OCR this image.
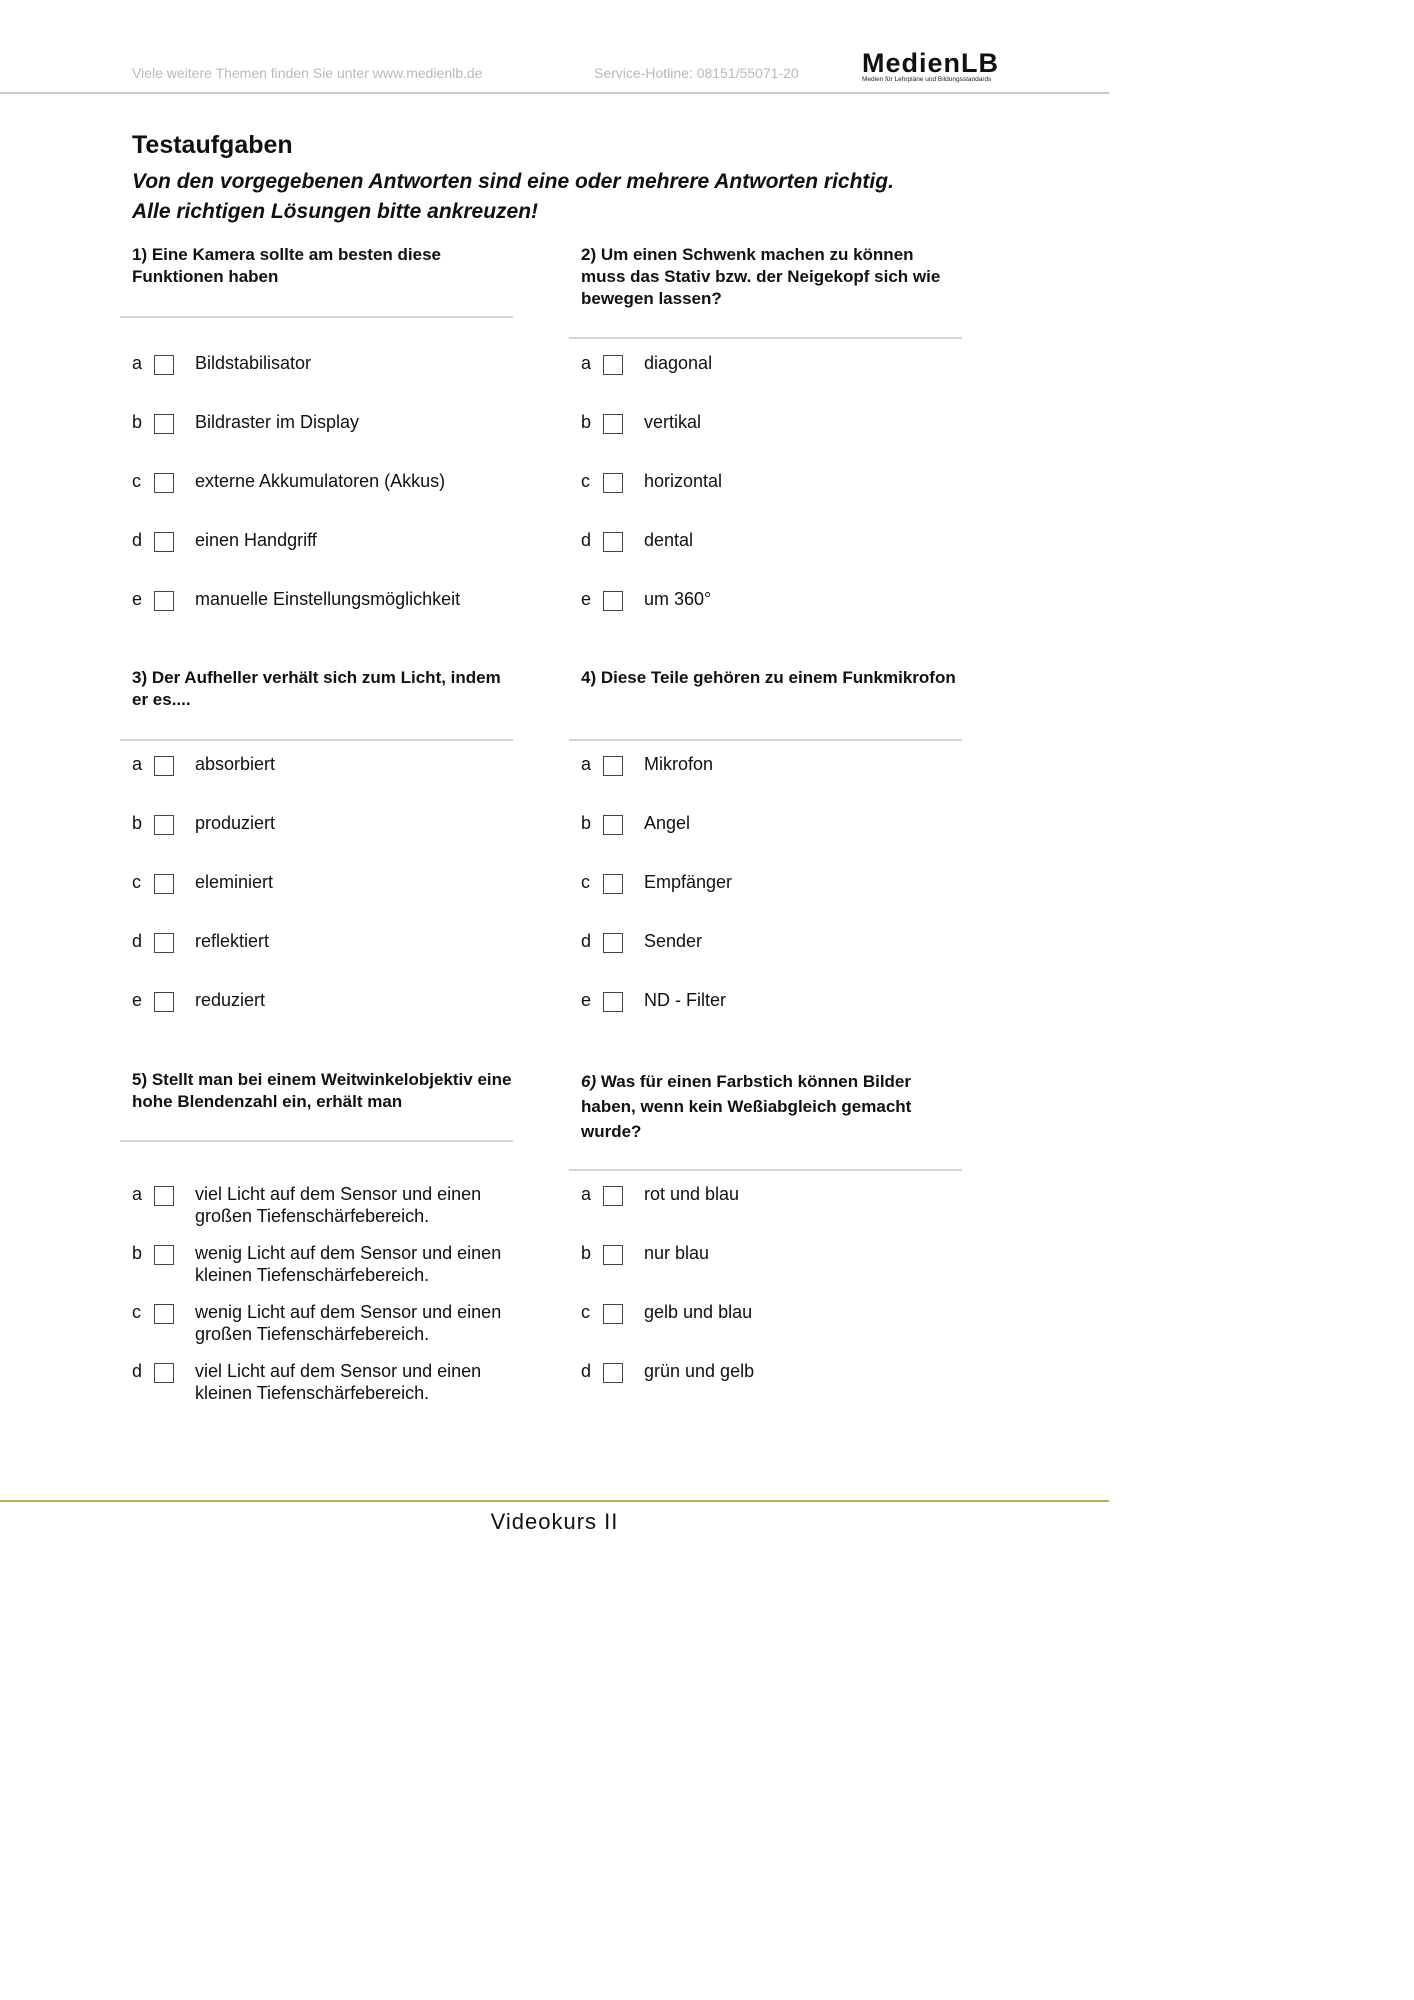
Viele weitere Themen finden Sie unter www.medienlb.de	Service-Hotline: 08151/55071-20 MedienLB
Medien für Lehrpläne und Bildungsstandards
Testaufgaben
Von den vorgegebenen Antworten sind eine oder mehrere Antworten richtig.
Alle richtigen Lösungen bitte ankreuzen!
1) Eine Kamera sollte am besten diese Funktionen haben
a	Bildstabilisator
b	Bildraster im Display
c	externe Akkumulatoren (Akkus)
d	einen Handgriff
e	manuelle Einstellungsmöglichkeit
2) Um einen Schwenk machen zu können muss das Stativ bzw. der Neigekopf sich wie bewegen lassen?
a	diagonal
b	vertikal
c	horizontal
d	dental
e	um 360°
3) Der Aufheller verhält sich zum Licht, indem er es....
a	absorbiert
b	produziert
c	eleminiert
d	reflektiert
e	reduziert
4) Diese Teile gehören zu einem Funkmikrofon
a	Mikrofon
b	Angel
c	Empfänger
d	Sender
e	ND - Filter
5) Stellt man bei einem Weitwinkelobjektiv eine hohe Blendenzahl ein, erhält man
a	viel Licht auf dem Sensor und einen großen Tiefenschärfebereich.
b	wenig Licht auf dem Sensor und einen kleinen Tiefenschärfebereich.
c	wenig Licht auf dem Sensor und einen großen Tiefenschärfebereich.
d	viel Licht auf dem Sensor und einen kleinen Tiefenschärfebereich.
6) Was für einen Farbstich können Bilder haben, wenn kein Weßiabgleich gemacht wurde?
a	rot und blau
b	nur blau
c	gelb und blau
d	grün und gelb
Videokurs II
